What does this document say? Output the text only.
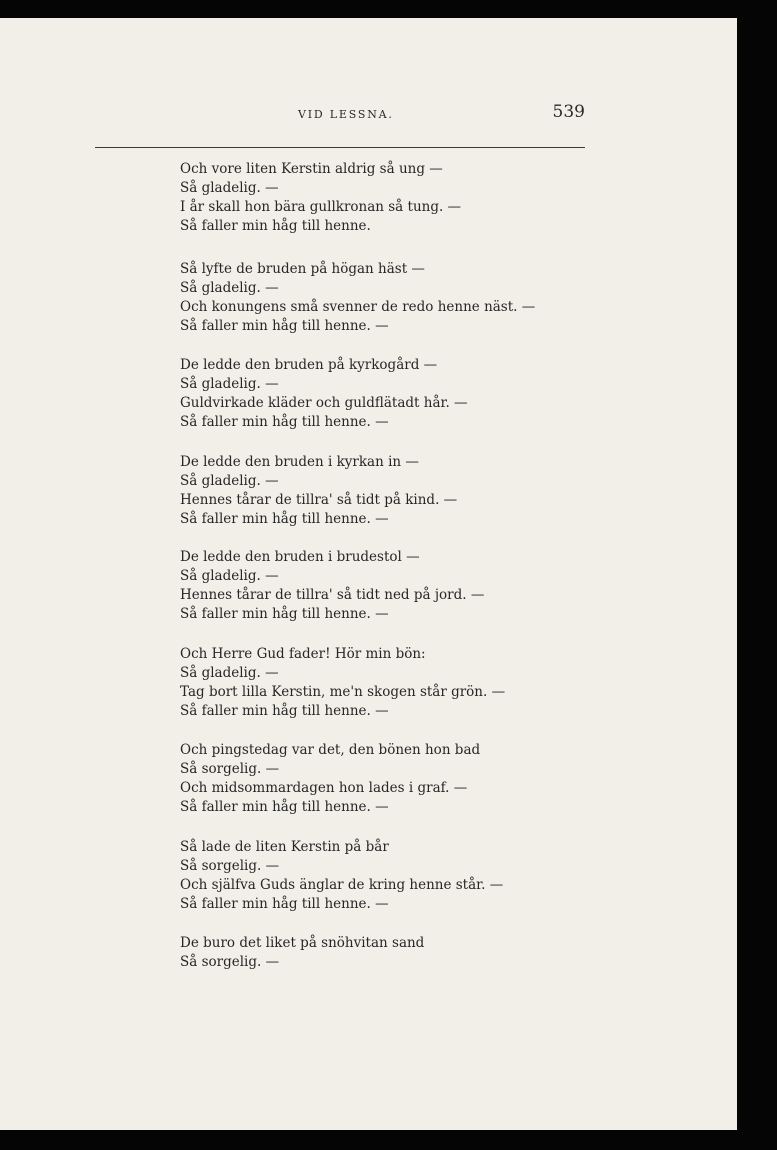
VID LESSNA.	539
Och vore liten Kerstin aldrig så ung —
Så gladelig. —
I år skall hon bära gullkronan så tung. —
Så faller min håg till henne.
Så lyfte de bruden på högan häst —
Så gladelig. —
Och konungens små svenner de redo henne näst. —
Så faller min håg till henne. —
De ledde den bruden på kyrkogård —
Så gladelig. —
Guldvirkade kläder och guldflätadt hår. —
Så faller min håg till henne. —
De ledde den bruden i kyrkan in —
Så gladelig. —
Hennes tårar de tillra' så tidt på kind. —
Så faller min håg till henne. —
De ledde den bruden i brudestol —
Så gladelig. —
Hennes tårar de tillra' så tidt ned på jord. —
Så faller min håg till henne. —
Och Herre Gud fader! Hör min bön:
Så gladelig. —
Tag bort lilla Kerstin, me'n skogen står grön. —
Så faller min håg till henne. —
Och pingstedag var det, den bönen hon bad
Så sorgelig. —
Och midsommardagen hon lades i graf. —
Så faller min håg till henne. —
Så lade de liten Kerstin på bår
Så sorgelig. —
Och själfva Guds änglar de kring henne står. —
Så faller min håg till henne. —
De buro det liket på snöhvitan sand
Så sorgelig. —
